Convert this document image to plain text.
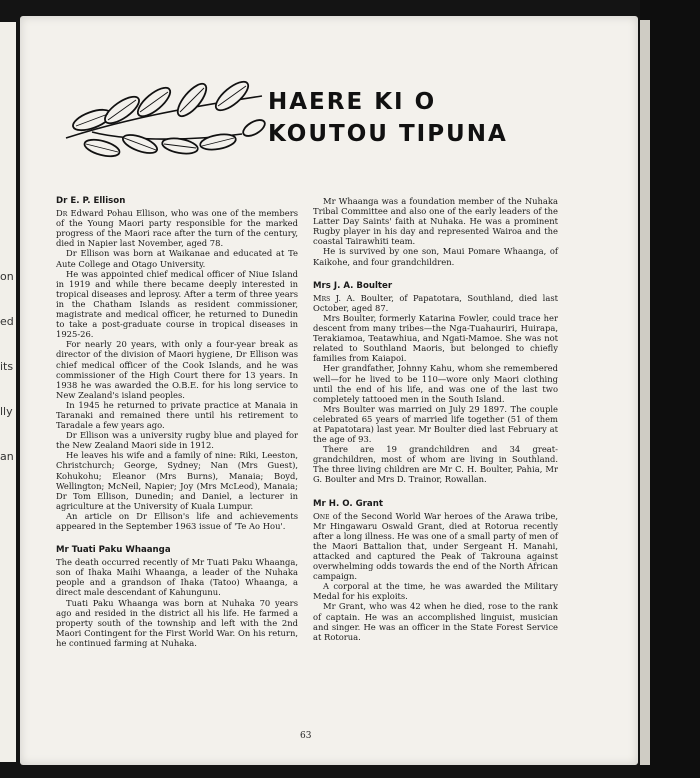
on
ed
its
lly
an
HAERE KI O
KOUTOU TIPUNA
Dr E. P. Ellison

Dr Edward Pohau Ellison, who was one of the members of the Young Maori party responsible for the marked progress of the Maori race after the turn of the century, died in Napier last November, aged 78.

Dr Ellison was born at Waikanae and educated at Te Aute College and Otago University.

He was appointed chief medical officer of Niue Island in 1919 and while there became deeply interested in tropical diseases and leprosy. After a term of three years in the Chatham Islands as resident commissioner, magistrate and medical officer, he returned to Dunedin to take a post-graduate course in tropical diseases in 1925-26.

For nearly 20 years, with only a four-year break as director of the division of Maori hygiene, Dr Ellison was chief medical officer of the Cook Islands, and he was commissioner of the High Court there for 13 years. In 1938 he was awarded the O.B.E. for his long service to New Zealand's island peoples.

In 1945 he returned to private practice at Manaia in Taranaki and remained there until his retirement to Taradale a few years ago.

Dr Ellison was a university rugby blue and played for the New Zealand Maori side in 1912.

He leaves his wife and a family of nine: Riki, Leeston, Christchurch; George, Sydney; Nan (Mrs Guest), Kohukohu; Eleanor (Mrs Burns), Manaia; Boyd, Wellington; McNeil, Napier; Joy (Mrs McLeod), Manaia; Dr Tom Ellison, Dunedin; and Daniel, a lecturer in agriculture at the University of Kuala Lumpur.

An article on Dr Ellison's life and achievements appeared in the September 1963 issue of 'Te Ao Hou'.

Mr Tuati Paku Whaanga

The death occurred recently of Mr Tuati Paku Whaanga, son of Ihaka Maihi Whaanga, a leader of the Nuhaka people and a grandson of Ihaka (Tatoo) Whaanga, a direct male descendant of Kahungunu.

Tuati Paku Whaanga was born at Nuhaka 70 years ago and resided in the district all his life. He farmed a property south of the township and left with the 2nd Maori Contingent for the First World War. On his return, he continued farming at Nuhaka.

Mr Whaanga was a foundation member of the Nuhaka Tribal Committee and also one of the early leaders of the Latter Day Saints' faith at Nuhaka. He was a prominent Rugby player in his day and represented Wairoa and the coastal Tairawhiti team.

He is survived by one son, Maui Pomare Whaanga, of Kaikohe, and four grandchildren.

Mrs J. A. Boulter

Mrs J. A. Boulter, of Papatotara, Southland, died last October, aged 87.

Mrs Boulter, formerly Katarina Fowler, could trace her descent from many tribes—the Nga-Tuahauriri, Huirapa, Terakiamoa, Teatawhiua, and Ngati-Mamoe. She was not related to Southland Maoris, but belonged to chiefly families from Kaiapoi.

Her grandfather, Johnny Kahu, whom she remembered well—for he lived to be 110—wore only Maori clothing until the end of his life, and was one of the last two completely tattooed men in the South Island.

Mrs Boulter was married on July 29 1897. The couple celebrated 65 years of married life together (51 of them at Papatotara) last year. Mr Boulter died last February at the age of 93.

There are 19 grandchildren and 34 great-grandchildren, most of whom are living in Southland. The three living children are Mr C. H. Boulter, Pahia, Mr G. Boulter and Mrs D. Trainor, Rowallan.

Mr H. O. Grant

One of the Second World War heroes of the Arawa tribe, Mr Hingawaru Oswald Grant, died at Rotorua recently after a long illness. He was one of a small party of men of the Maori Battalion that, under Sergeant H. Manahi, attacked and captured the Peak of Takrouna against overwhelming odds towards the end of the North African campaign.

A corporal at the time, he was awarded the Military Medal for his exploits.

Mr Grant, who was 42 when he died, rose to the rank of captain. He was an accomplished linguist, musician and singer. He was an officer in the State Forest Service at Rotorua.

63
